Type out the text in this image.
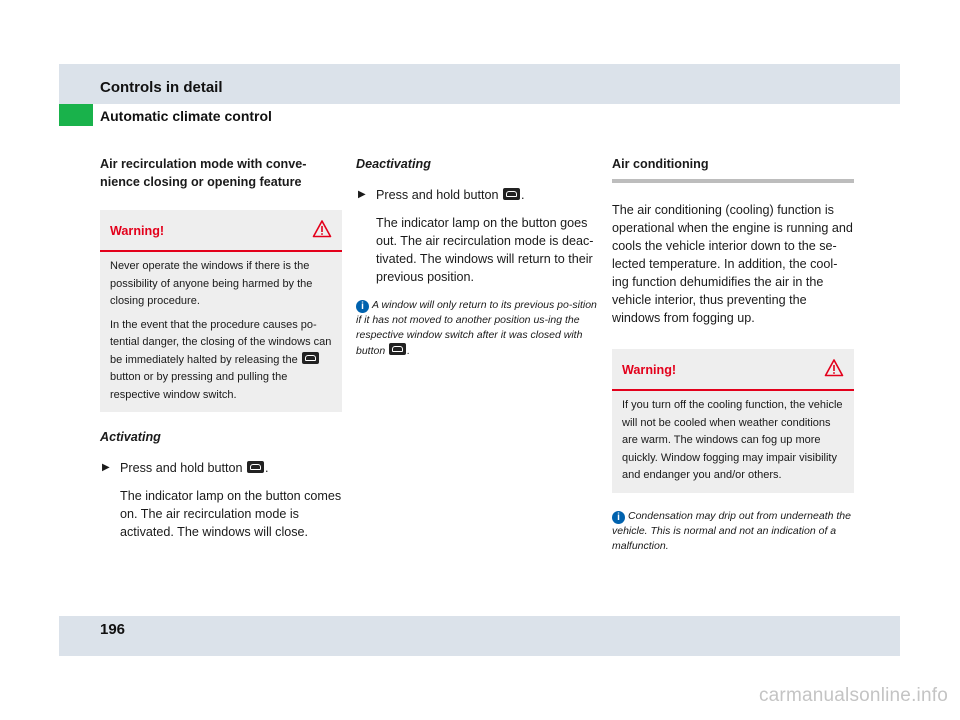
Controls in detail
Automatic climate control

Air recirculation mode with conve-nience closing or opening feature

Warning!

Never operate the windows if there is the possibility of anyone being harmed by the closing procedure.

In the event that the procedure causes po-tential danger, the closing of the windows can be immediately halted by releasing the  button or by pressing and pulling the respective window switch.

Activating

▶ Press and hold button .

The indicator lamp on the button comes on. The air recirculation mode is activated. The windows will close.

Deactivating

▶ Press and hold button .

The indicator lamp on the button goes out. The air recirculation mode is deac-tivated. The windows will return to their previous position.

i A window will only return to its previous po-sition if it has not moved to another position us-ing the respective window switch after it was closed with button .

Air conditioning

The air conditioning (cooling) function is operational when the engine is running and cools the vehicle interior down to the se-lected temperature. In addition, the cool-ing function dehumidifies the air in the vehicle interior, thus preventing the windows from fogging up.

Warning!

If you turn off the cooling function, the vehicle will not be cooled when weather conditions are warm. The windows can fog up more quickly. Window fogging may impair visibility and endanger you and/or others.

i Condensation may drip out from underneath the vehicle. This is normal and not an indication of a malfunction.

196
carmanualsonline.info
